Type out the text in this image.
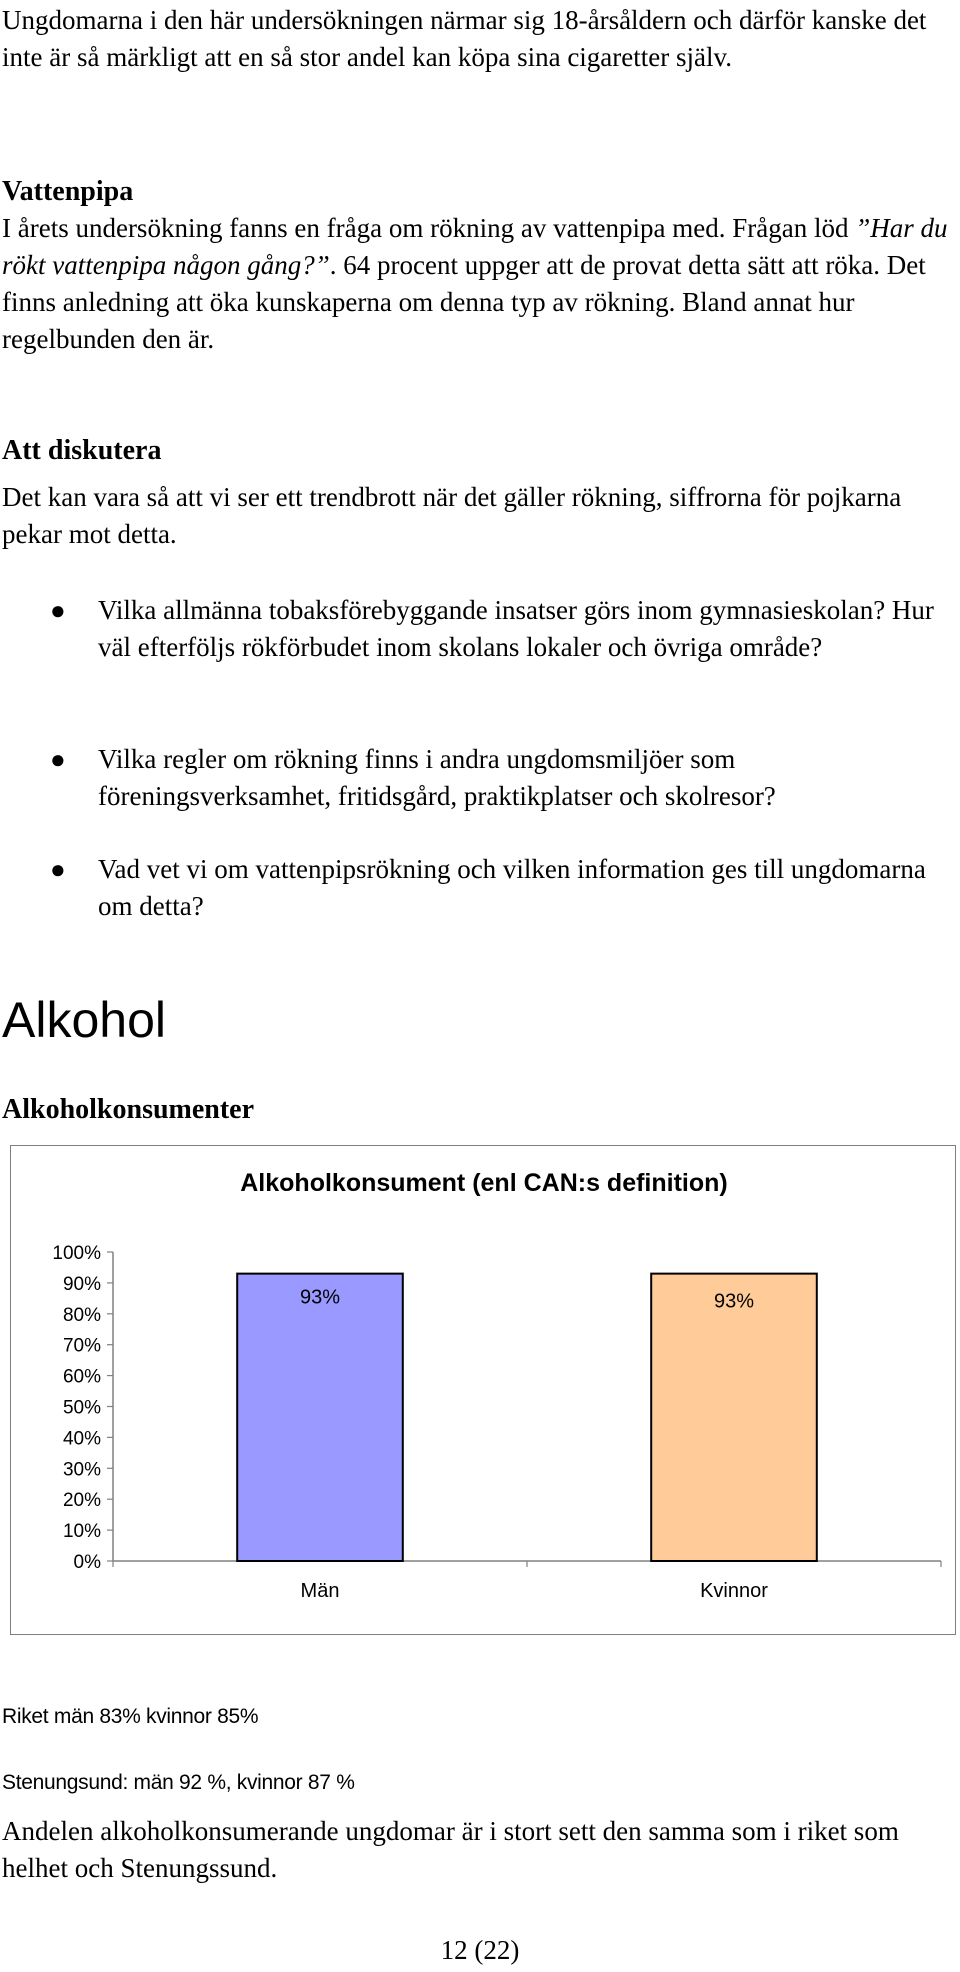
Ungdomarna i den här undersökningen närmar sig 18-årsåldern och därför kanske det inte är så märkligt att en så stor andel kan köpa sina cigaretter själv.

Vattenpipa

I årets undersökning fanns en fråga om rökning av vattenpipa med. Frågan löd ”Har du rökt vattenpipa någon gång?”. 64 procent uppger att de provat detta sätt att röka. Det finns anledning att öka kunskaperna om denna typ av rökning. Bland annat hur regelbunden den är.

Att diskutera

Det kan vara så att vi ser ett trendbrott när det gäller rökning, siffrorna för pojkarna pekar mot detta.

● Vilka allmänna tobaksförebyggande insatser görs inom gymnasieskolan? Hur väl efterföljs rökförbudet inom skolans lokaler och övriga område?
● Vilka regler om rökning finns i andra ungdomsmiljöer som föreningsverksamhet, fritidsgård, praktikplatser och skolresor?
● Vad vet vi om vattenpipsrökning och vilken information ges till ungdomarna om detta?
Alkohol
Alkoholkonsumenter
Alkoholkonsument (enl CAN:s definition)
0%
10%
20%
30%
40%
50%
60%
70%
80%
90%
100%
93%
Män
93%
Kvinnor

Riket män 83% kvinnor 85%

Stenungsund: män 92 %, kvinnor 87 %

Andelen alkoholkonsumerande ungdomar är i stort sett den samma som i riket som helhet och Stenungssund.

12 (22)
